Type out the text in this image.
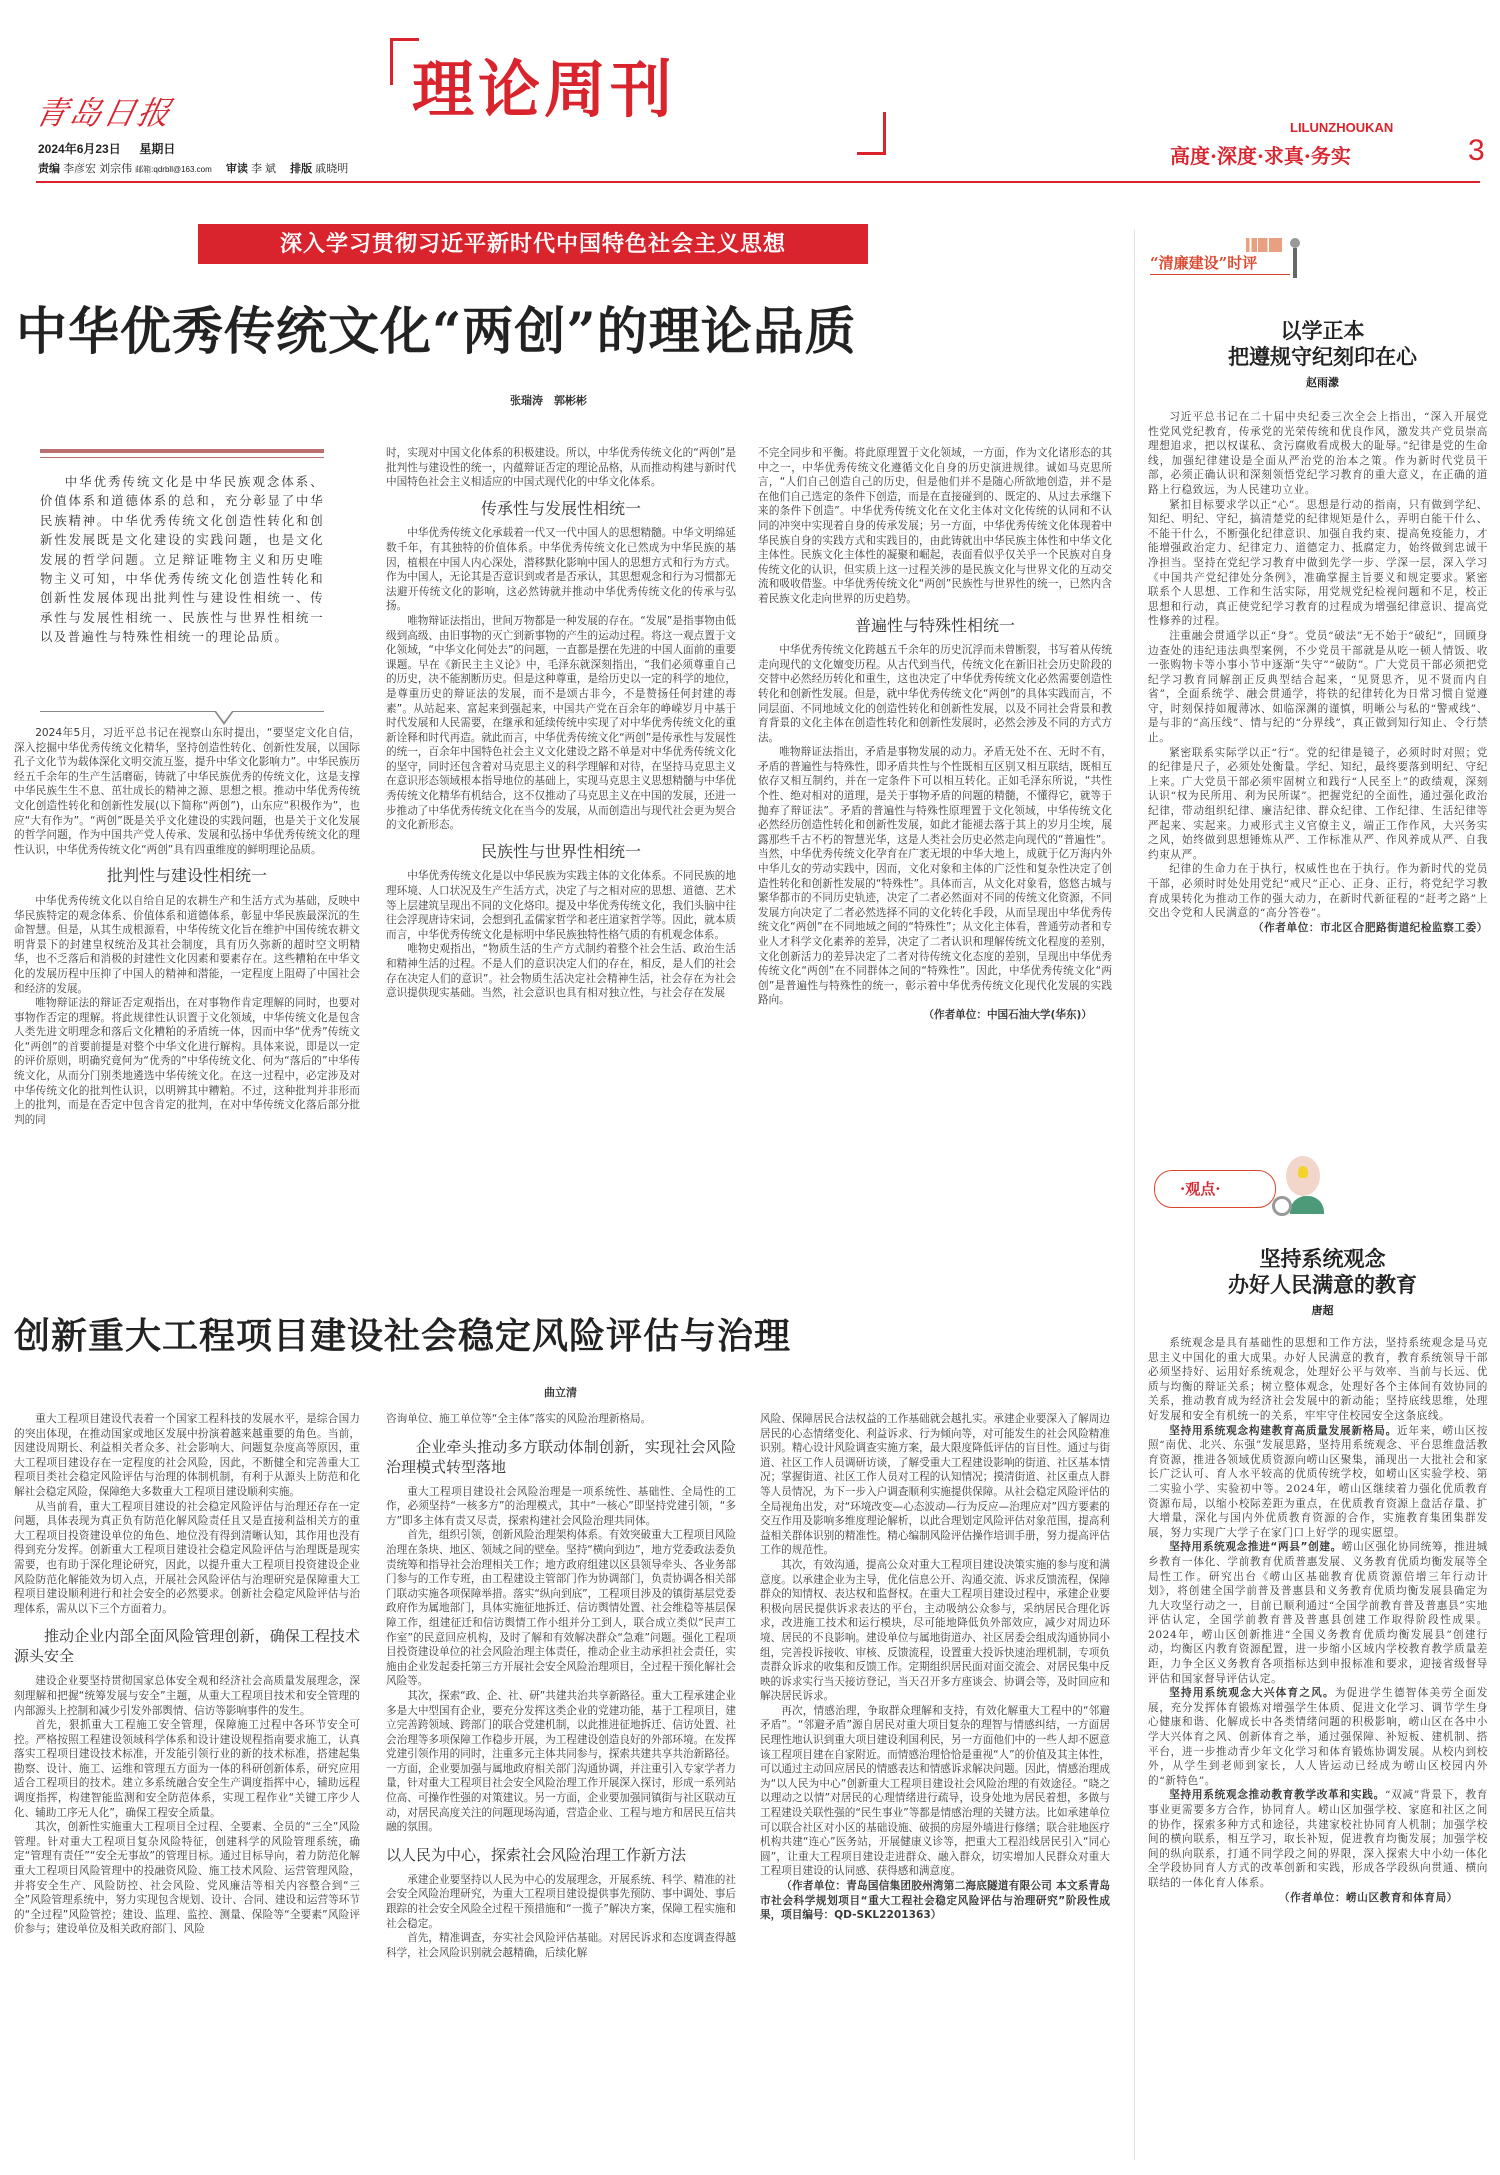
青岛日报
2024年6月23日 星期日
责编 李彦宏 刘宗伟 邮箱:qdrbll@163.com 审读 李 斌 排版 戚晓明
理论周刊
LILUNZHOUKAN
高度·深度·求真·务实	3
深入学习贯彻习近平新时代中国特色社会主义思想
中华优秀传统文化“两创”的理论品质
张瑞涛　郭彬彬
中华优秀传统文化是中华民族观念体系、价值体系和道德体系的总和，充分彰显了中华民族精神。中华优秀传统文化创造性转化和创新性发展既是文化建设的实践问题，也是文化发展的哲学问题。立足辩证唯物主义和历史唯物主义可知，中华优秀传统文化创造性转化和创新性发展体现出批判性与建设性相统一、传承性与发展性相统一、民族性与世界性相统一以及普遍性与特殊性相统一的理论品质。

2024年5月，习近平总书记在视察山东时提出，“要坚定文化自信，深入挖掘中华优秀传统文化精华，坚持创造性转化、创新性发展，以国际孔子文化节为载体深化文明交流互鉴，提升中华文化影响力”。中华民族历经五千余年的生产生活磨砺，铸就了中华民族优秀的传统文化，这是支撑中华民族生生不息、茁壮成长的精神之源、思想之根。推动中华优秀传统文化创造性转化和创新性发展(以下简称“两创”)，山东应“积极作为”，也应“大有作为”。“两创”既是关乎文化建设的实践问题，也是关于文化发展的哲学问题，作为中国共产党人传承、发展和弘扬中华优秀传统文化的理性认识，中华优秀传统文化“两创”具有四重维度的鲜明理论品质。

批判性与建设性相统一

中华优秀传统文化以自给自足的农耕生产和生活方式为基础，反映中华民族特定的观念体系、价值体系和道德体系，彰显中华民族最深沉的生命智慧。但是，从其生成根源看，中华传统文化旨在维护中国传统农耕文明背景下的封建皇权统治及其社会制度，具有历久弥新的超时空文明精华，也不乏落后和消极的封建性文化因素和要素存在。这些糟粕在中华文化的发展历程中压抑了中国人的精神和潜能，一定程度上阻碍了中国社会和经济的发展。

唯物辩证法的辩证否定观指出，在对事物作肯定理解的同时，也要对事物作否定的理解。将此规律性认识置于文化领域，中华传统文化是包含人类先进文明理念和落后文化糟粕的矛盾统一体，因而中华“优秀”传统文化“两创”的首要前提是对整个中华文化进行解构。具体来说，即是以一定的评价原则，明确究竟何为“优秀的”中华传统文化、何为“落后的”中华传统文化，从而分门别类地遴选中华传统文化。在这一过程中，必定涉及对中华传统文化的批判性认识，以明辨其中糟粕。不过，这种批判并非形而上的批判，而是在否定中包含肯定的批判，在对中华传统文化落后部分批判的同

时，实现对中国文化体系的积极建设。所以，中华优秀传统文化的“两创”是批判性与建设性的统一，内蕴辩证否定的理论品格，从而推动构建与新时代中国特色社会主义相适应的中国式现代化的中华文化体系。

传承性与发展性相统一

中华优秀传统文化承载着一代又一代中国人的思想精髓。中华文明绵延数千年，有其独特的价值体系。中华优秀传统文化已然成为中华民族的基因，植根在中国人内心深处，潜移默化影响中国人的思想方式和行为方式。作为中国人，无论其是否意识到或者是否承认，其思想观念和行为习惯都无法避开传统文化的影响，这必然铸就并推动中华优秀传统文化的传承与弘扬。

唯物辩证法指出，世间万物都是一种发展的存在。“发展”是指事物由低级到高级、由旧事物的灭亡到新事物的产生的运动过程。将这一观点置于文化领域，“中华文化何处去”的问题，一直都是摆在先进的中国人面前的重要课题。早在《新民主主义论》中，毛泽东就深刻指出，“我们必须尊重自己的历史，决不能割断历史。但是这种尊重，是给历史以一定的科学的地位，是尊重历史的辩证法的发展，而不是颂古非今，不是赞扬任何封建的毒素”。从站起来、富起来到强起来，中国共产党在百余年的峥嵘岁月中基于时代发展和人民需要，在继承和延续传统中实现了对中华优秀传统文化的重新诠释和时代再造。就此而言，中华优秀传统文化“两创”是传承性与发展性的统一，百余年中国特色社会主义文化建设之路不单是对中华优秀传统文化的坚守，同时还包含着对马克思主义的科学理解和对待，在坚持马克思主义在意识形态领域根本指导地位的基础上，实现马克思主义思想精髓与中华优秀传统文化精华有机结合，这不仅推动了马克思主义在中国的发展，还进一步推动了中华优秀传统文化在当今的发展，从而创造出与现代社会更为契合的文化新形态。

民族性与世界性相统一

中华优秀传统文化是以中华民族为实践主体的文化体系。不同民族的地理环境、人口状况及生产生活方式，决定了与之相对应的思想、道德、艺术等上层建筑呈现出不同的文化烙印。提及中华优秀传统文化，我们头脑中往往会浮现唐诗宋词，会想到孔孟儒家哲学和老庄道家哲学等。因此，就本质而言，中华优秀传统文化是标明中华民族独特性格气质的有机观念体系。

唯物史观指出，“物质生活的生产方式制约着整个社会生活、政治生活和精神生活的过程。不是人们的意识决定人们的存在，相反，是人们的社会存在决定人们的意识”。社会物质生活决定社会精神生活，社会存在为社会意识提供现实基础。当然，社会意识也具有相对独立性，与社会存在发展

不完全同步和平衡。将此原理置于文化领域，一方面，作为文化诸形态的其中之一，中华优秀传统文化遵循文化自身的历史演进规律。诚如马克思所言，“人们自己创造自己的历史，但是他们并不是随心所欲地创造，并不是在他们自己选定的条件下创造，而是在直接碰到的、既定的、从过去承继下来的条件下创造”。中华优秀传统文化在文化主体对文化传统的认同和不认同的冲突中实现着自身的传承发展；另一方面，中华优秀传统文化体现着中华民族自身的实践方式和实践目的，由此铸就出中华民族主体性和中华文化主体性。民族文化主体性的凝聚和崛起，表面看似乎仅关乎一个民族对自身传统文化的认识，但实质上这一过程关涉的是民族文化与世界文化的互动交流和吸收借鉴。中华优秀传统文化“两创”民族性与世界性的统一，已然内含着民族文化走向世界的历史趋势。

普遍性与特殊性相统一

中华优秀传统文化跨越五千余年的历史沉浮而未曾断裂，书写着从传统走向现代的文化嬗变历程。从古代到当代，传统文化在新旧社会历史阶段的交替中必然经历转化和重生，这也决定了中华优秀传统文化必然需要创造性转化和创新性发展。但是，就中华优秀传统文化“两创”的具体实践而言，不同层面、不同地域文化的创造性转化和创新性发展，以及不同社会背景和教育背景的文化主体在创造性转化和创新性发展时，必然会涉及不同的方式方法。

唯物辩证法指出，矛盾是事物发展的动力。矛盾无处不在、无时不有，矛盾的普遍性与特殊性，即矛盾共性与个性既相互区别又相互联结，既相互依存又相互制约，并在一定条件下可以相互转化。正如毛泽东所说，“共性个性、绝对相对的道理，是关于事物矛盾的问题的精髓，不懂得它，就等于抛弃了辩证法”。矛盾的普遍性与特殊性原理置于文化领域，中华传统文化必然经历创造性转化和创新性发展，如此才能褪去落于其上的岁月尘埃，展露那些千古不朽的智慧光华，这是人类社会历史必然走向现代的“普遍性”。当然，中华优秀传统文化孕育在广袤无垠的中华大地上，成就于亿万海内外中华儿女的劳动实践中，因而，文化对象和主体的广泛性和复杂性决定了创造性转化和创新性发展的“特殊性”。具体而言，从文化对象看，悠悠古城与繁华都市的不同历史轨迹，决定了二者必然面对不同的传统文化资源，不同发展方向决定了二者必然选择不同的文化转化手段，从而呈现出中华优秀传统文化“两创”在不同地域之间的“特殊性”；从文化主体看，普通劳动者和专业人才科学文化素养的差异，决定了二者认识和理解传统文化程度的差别，文化创新活力的差异决定了二者对待传统文化态度的差别，呈现出中华优秀传统文化“两创”在不同群体之间的“特殊性”。因此，中华优秀传统文化“两创”是普遍性与特殊性的统一，彰示着中华优秀传统文化现代化发展的实践路向。

（作者单位：中国石油大学(华东)）
“清廉建设”时评
以学正本
把遵规守纪刻印在心
赵雨濛

习近平总书记在二十届中央纪委三次全会上指出，“深入开展党性党风党纪教育，传承党的光荣传统和优良作风，激发共产党员崇高理想追求，把以权谋私、贪污腐败看成极大的耻辱。”纪律是党的生命线，加强纪律建设是全面从严治党的治本之策。作为新时代党员干部，必须正确认识和深刻领悟党纪学习教育的重大意义，在正确的道路上行稳致远，为人民建功立业。

紧扣目标要求学以正“心”。思想是行动的指南，只有做到学纪、知纪、明纪、守纪，搞清楚党的纪律规矩是什么，弄明白能干什么、不能干什么，不断强化纪律意识、加强自我约束、提高免疫能力，才能增强政治定力、纪律定力、道德定力、抵腐定力，始终做到忠诚干净担当。坚持在党纪学习教育中做到先学一步、学深一层，深入学习《中国共产党纪律处分条例》，准确掌握主旨要义和规定要求。紧密联系个人思想、工作和生活实际，用党规党纪检视问题和不足，校正思想和行动，真正使党纪学习教育的过程成为增强纪律意识、提高党性修养的过程。

注重融会贯通学以正“身”。党员“破法”无不始于“破纪”，回顾身边查处的违纪违法典型案例，不少党员干部就是从吃一顿人情饭、收一张购物卡等小事小节中逐渐“失守”“破防”。广大党员干部必须把党纪学习教育同解剖正反典型结合起来，“见贤思齐，见不贤而内自省”，全面系统学、融会贯通学，将铁的纪律转化为日常习惯自觉遵守，时刻保持如履薄冰、如临深渊的谨慎，明晰公与私的“警戒线”、是与非的“高压线”、情与纪的“分界线”，真正做到知行知止、令行禁止。

紧密联系实际学以正“行”。党的纪律是镜子，必须时时对照；党的纪律是尺子，必须处处衡量。学纪、知纪，最终要落到明纪、守纪上来。广大党员干部必须牢固树立和践行“人民至上”的政绩观，深刻认识“权为民所用、利为民所谋”。把握党纪的全面性，通过强化政治纪律，带动组织纪律、廉洁纪律、群众纪律、工作纪律、生活纪律等严起来、实起来。力戒形式主义官僚主义，端正工作作风，大兴务实之风，始终做到思想锤炼从严、工作标准从严、作风养成从严、自我约束从严。

纪律的生命力在于执行，权威性也在于执行。作为新时代的党员干部，必须时时处处用党纪“戒尺”正心、正身、正行，将党纪学习教育成果转化为推动工作的强大动力，在新时代新征程的“赶考之路”上交出令党和人民满意的“高分答卷”。

（作者单位：市北区合肥路街道纪检监察工委）
·观点·
坚持系统观念
办好人民满意的教育
唐超

系统观念是具有基础性的思想和工作方法，坚持系统观念是马克思主义中国化的重大成果。办好人民满意的教育，教育系统领导干部必须坚持好、运用好系统观念，处理好公平与效率、当前与长远、优质与均衡的辩证关系；树立整体观念，处理好各个主体间有效协同的关系，推动教育成为经济社会发展中的新动能；坚持底线思维，处理好发展和安全有机统一的关系，牢牢守住校园安全这条底线。

坚持用系统观念构建教育高质量发展新格局。近年来，崂山区按照“南优、北兴、东强”发展思路，坚持用系统观念、平台思维盘活教育资源，推进各领域优质资源向崂山区聚集，涌现出一大批社会和家长广泛认可、育人水平较高的优质传统学校，如崂山区实验学校、第二实验小学、实验初中等。2024年，崂山区继续着力强化优质教育资源布局，以缩小校际差距为重点，在优质教育资源上盘活存量、扩大增量，深化与国内外优质教育资源的合作，实施教育集团集群发展，努力实现广大学子在家门口上好学的现实愿望。

坚持用系统观念推进“两县”创建。崂山区强化协同统筹，推进城乡教育一体化、学前教育优质普惠发展、义务教育优质均衡发展等全局性工作。研究出台《崂山区基础教育优质资源倍增三年行动计划》，将创建全国学前普及普惠县和义务教育优质均衡发展县确定为九大攻坚行动之一，目前已顺利通过“全国学前教育普及普惠县”实地评估认定，全国学前教育普及普惠县创建工作取得阶段性成果。2024年，崂山区创新推进“全国义务教育优质均衡发展县”创建行动，均衡区内教育资源配置，进一步缩小区域内学校教育教学质量差距，力争全区义务教育各项指标达到申报标准和要求，迎接省级督导评估和国家督导评估认定。

坚持用系统观念大兴体育之风。为促进学生德智体美劳全面发展，充分发挥体育锻炼对增强学生体质、促进文化学习、调节学生身心健康和谐、化解成长中各类情绪问题的积极影响，崂山区在各中小学大兴体育之风、创新体育之举，通过强保障、补短板、建机制、搭平台，进一步推动青少年文化学习和体育锻炼协调发展。从校内到校外，从学生到老师到家长，人人皆运动已经成为崂山区校园内外的“新特色”。

坚持用系统观念推动教育教学改革和实践。“双减”背景下，教育事业更需要多方合作，协同育人。崂山区加强学校、家庭和社区之间的协作，探索多种方式和途径，共建家校社协同育人机制；加强学校间的横向联系，相互学习，取长补短，促进教育均衡发展；加强学校间的纵向联系，打通不同学段之间的界限，深入探索大中小幼一体化全学段协同育人方式的改革创新和实践，形成各学段纵向贯通、横向联结的一体化育人体系。

（作者单位：崂山区教育和体育局）
创新重大工程项目建设社会稳定风险评估与治理
曲立清

重大工程项目建设代表着一个国家工程科技的发展水平，是综合国力的突出体现，在推动国家或地区发展中扮演着越来越重要的角色。当前，因建设周期长、利益相关者众多、社会影响大、问题复杂度高等原因，重大工程项目建设存在一定程度的社会风险，因此，不断健全和完善重大工程项目类社会稳定风险评估与治理的体制机制，有利于从源头上防范和化解社会稳定风险，保障绝大多数重大工程项目建设顺利实施。

从当前看，重大工程项目建设的社会稳定风险评估与治理还存在一定问题，具体表现为真正负有防范化解风险责任且又是直接利益相关方的重大工程项目投资建设单位的角色、地位没有得到清晰认知，其作用也没有得到充分发挥。创新重大工程项目建设社会稳定风险评估与治理既是现实需要，也有助于深化理论研究，因此，以提升重大工程项目投资建设企业风险防范化解能效为切入点，开展社会风险评估与治理研究是保障重大工程项目建设顺利进行和社会安全的必然要求。创新社会稳定风险评估与治理体系，需从以下三个方面着力。

推动企业内部全面风险管理创新，确保工程技术源头安全

建设企业要坚持贯彻国家总体安全观和经济社会高质量发展理念，深刻理解和把握“统筹发展与安全”主题，从重大工程项目技术和安全管理的内部源头上控制和减少引发外部舆情、信访等影响事件的发生。

首先，狠抓重大工程施工安全管理，保障施工过程中各环节安全可控。严格按照工程建设领域科学体系和设计建设规程指南要求施工，认真落实工程项目建设技术标准，开发能引领行业的新的技术标准，搭建起集勘察、设计、施工、运维和管理五方面为一体的科研创新体系，研究应用适合工程项目的技术。建立多系统融合安全生产调度指挥中心，辅助远程调度指挥，构建智能监测和安全防范体系，实现工程作业“关键工序少人化、辅助工序无人化”，确保工程安全质量。

其次，创新性实施重大工程项目全过程、全要素、全员的“三全”风险管理。针对重大工程项目复杂风险特征，创建科学的风险管理系统，确定“管理有责任”“安全无事故”的管理目标。通过目标导向，着力防范化解重大工程项目风险管理中的投融资风险、施工技术风险、运营管理风险，并将安全生产、风险防控、社会风险、党风廉洁等相关内容整合到“三全”风险管理系统中，努力实现包含规划、设计、合同、建设和运营等环节的“全过程”风险管控；建设、监理、监控、测量、保险等“全要素”风险评价参与；建设单位及相关政府部门、风险

咨询单位、施工单位等“全主体”落实的风险治理新格局。

企业牵头推动多方联动体制创新，实现社会风险治理模式转型落地

重大工程项目建设社会风险治理是一项系统性、基础性、全局性的工作，必须坚持“一核多方”的治理模式，其中“一核心”即坚持党建引领，“多方”即多主体有责又尽责，探索构建社会风险治理共同体。

首先，组织引领，创新风险治理架构体系。有效突破重大工程项目风险治理在条块、地区、领域之间的壁垒。坚持“横向到边”，地方党委政法委负责统筹和指导社会治理相关工作；地方政府组建以区县领导牵头、各业务部门参与的工作专班，由工程建设主管部门作为协调部门，负责协调各相关部门联动实施各项保障举措。落实“纵向到底”，工程项目涉及的镇街基层党委政府作为属地部门，具体实施征地拆迁、信访舆情处置、社会维稳等基层保障工作，组建征迁和信访舆情工作小组并分工到人，联合成立类似“民声工作室”的民意回应机构，及时了解和有效解决群众“急难”问题。强化工程项目投资建设单位的社会风险治理主体责任，推动企业主动承担社会责任，实施由企业发起委托第三方开展社会安全风险治理项目，全过程干预化解社会风险等。

其次，探索“政、企、社、研”共建共治共享新路径。重大工程承建企业多是大中型国有企业，要充分发挥这类企业的党建功能，基于工程项目，建立完善跨领域、跨部门的联合党建机制，以此推进征地拆迁、信访处置、社会治理等多项保障工作稳步开展，为工程建设创造良好的外部环境。在发挥党建引领作用的同时，注重多元主体共同参与，探索共建共享共治新路径。一方面，企业要加强与属地政府相关部门沟通协调，并注重引入专家学者力量，针对重大工程项目社会安全风险治理工作开展深入探讨，形成一系列站位高、可操作性强的对策建议。另一方面，企业要加强同镇街与社区联动互动，对居民高度关注的问题现场沟通，营造企业、工程与地方和居民互信共融的氛围。

以人民为中心，探索社会风险治理工作新方法

承建企业要坚持以人民为中心的发展理念，开展系统、科学、精准的社会安全风险治理研究，为重大工程项目建设提供事先预防、事中调处、事后跟踪的社会安全风险全过程干预措施和“一揽子”解决方案，保障工程实施和社会稳定。

首先，精准调查，夯实社会风险评估基础。对居民诉求和态度调查得越科学，社会风险识别就会越精确，后续化解

风险、保障居民合法权益的工作基础就会越扎实。承建企业要深入了解周边居民的心态情绪变化、利益诉求、行为倾向等，对可能发生的社会风险精准识别。精心设计风险调查实施方案，最大限度降低评估的盲目性。通过与街道、社区工作人员调研访谈，了解受重大工程建设影响的街道、社区基本情况；掌握街道、社区工作人员对工程的认知情况；摸清街道、社区重点人群等人员情况，为下一步入户调查顺利实施提供保障。从社会稳定风险评估的全局视角出发，对“环境改变—心态波动—行为反应—治理应对”四方要素的交互作用及影响多维度理论解析，以此合理划定风险评估对象范围，提高利益相关群体识别的精准性。精心编制风险评估操作培训手册，努力提高评估工作的规范性。

其次，有效沟通，提高公众对重大工程项目建设决策实施的参与度和满意度。以承建企业为主导，优化信息公开、沟通交流、诉求反馈流程，保障群众的知情权、表达权和监督权。在重大工程项目建设过程中，承建企业要积极向居民提供诉求表达的平台，主动吸纳公众参与，采纳居民合理化诉求，改进施工技术和运行模块，尽可能地降低负外部效应，减少对周边环境、居民的不良影响。建设单位与属地街道办、社区居委会组成沟通协同小组，完善投诉接收、审核、反馈流程，设置重大投诉快速治理机制，专项负责群众诉求的收集和反馈工作。定期组织居民面对面交流会、对居民集中反映的诉求实行当天接访登记，当天召开多方座谈会、协调会等，及时回应和解决居民诉求。

再次，情感治理，争取群众理解和支持，有效化解重大工程中的“邻避矛盾”。“邻避矛盾”源自居民对重大项目复杂的理智与情感纠结，一方面居民理性地认识到重大项目建设利国利民，另一方面他们中的一些人却不愿意该工程项目建在自家附近。而情感治理恰恰是重视“人”的价值及其主体性，可以通过主动回应居民的情感表达和情感诉求解决问题。因此，情感治理成为“以人民为中心”创新重大工程项目建设社会风险治理的有效途径。“晓之以理动之以情”对居民的心理情绪进行疏导，设身处地为居民着想，多做与工程建设关联性强的“民生事业”等都是情感治理的关键方法。比如承建单位可以联合社区对小区的基础设施、破损的房屋外墙进行修缮；联合驻地医疗机构共建“连心”医务站，开展健康义诊等，把重大工程沿线居民引入“同心圆”，让重大工程项目建设走进群众、融入群众，切实增加人民群众对重大工程项目建设的认同感、获得感和满意度。

（作者单位：青岛国信集团胶州湾第二海底隧道有限公司 本文系青岛市社会科学规划项目“重大工程社会稳定风险评估与治理研究”阶段性成果，项目编号：QD-SKL2201363）
